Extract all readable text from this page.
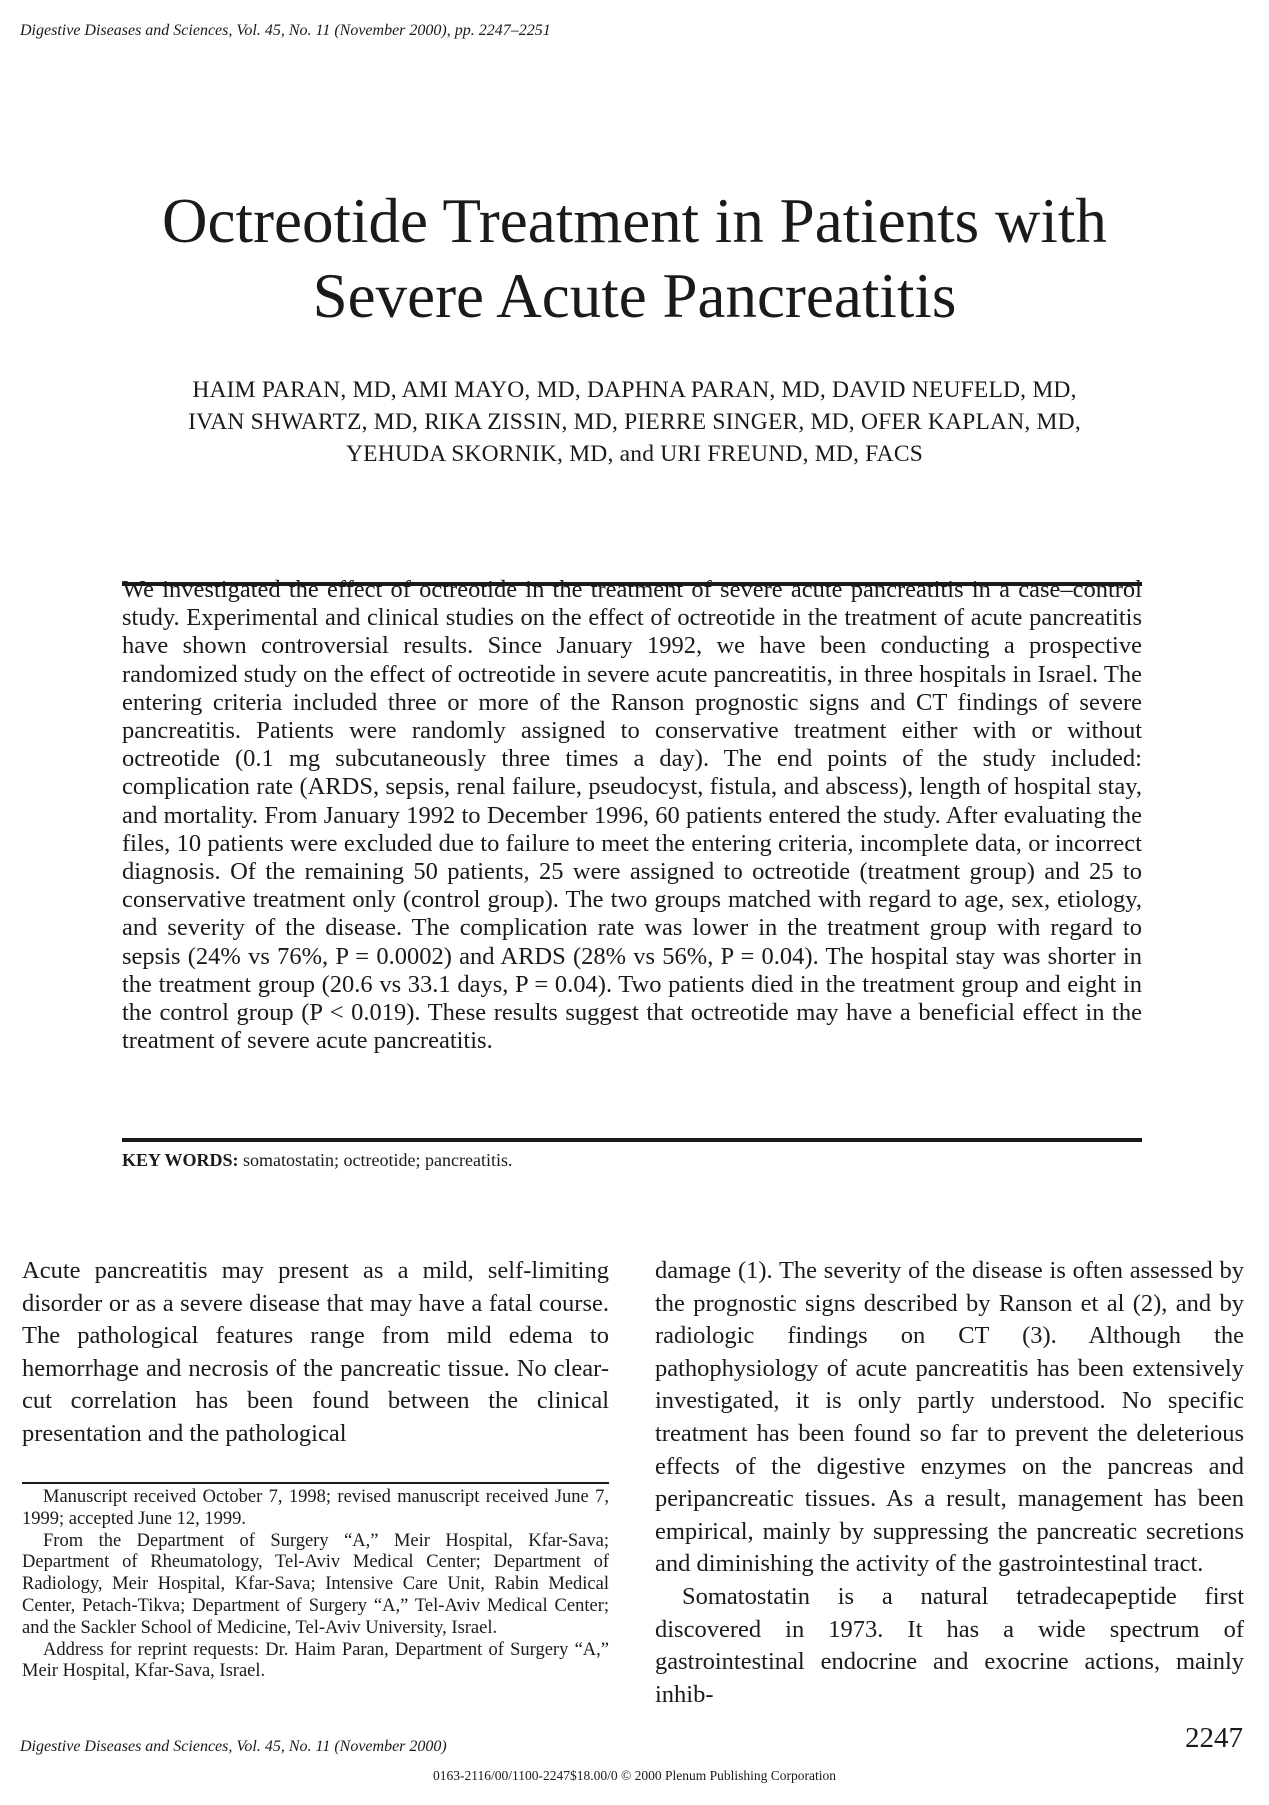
Digestive Diseases and Sciences, Vol. 45, No. 11 (November 2000), pp. 2247–2251
Octreotide Treatment in Patients with
Severe Acute Pancreatitis
HAIM PARAN, MD, AMI MAYO, MD, DAPHNA PARAN, MD, DAVID NEUFELD, MD,
IVAN SHWARTZ, MD, RIKA ZISSIN, MD, PIERRE SINGER, MD, OFER KAPLAN, MD,
YEHUDA SKORNIK, MD, and URI FREUND, MD, FACS

We investigated the effect of octreotide in the treatment of severe acute pancreatitis in a case–control study. Experimental and clinical studies on the effect of octreotide in the treatment of acute pancreatitis have shown controversial results. Since January 1992, we have been conducting a prospective randomized study on the effect of octreotide in severe acute pancreatitis, in three hospitals in Israel. The entering criteria included three or more of the Ranson prognostic signs and CT findings of severe pancreatitis. Patients were randomly assigned to conservative treatment either with or without octreotide (0.1 mg subcutaneously three times a day). The end points of the study included: complication rate (ARDS, sepsis, renal failure, pseudocyst, fistula, and abscess), length of hospital stay, and mortality. From January 1992 to December 1996, 60 patients entered the study. After evaluating the files, 10 patients were excluded due to failure to meet the entering criteria, incomplete data, or incorrect diagnosis. Of the remaining 50 patients, 25 were assigned to octreotide (treatment group) and 25 to conservative treatment only (control group). The two groups matched with regard to age, sex, etiology, and severity of the disease. The complication rate was lower in the treatment group with regard to sepsis (24% vs 76%, P = 0.0002) and ARDS (28% vs 56%, P = 0.04). The hospital stay was shorter in the treatment group (20.6 vs 33.1 days, P = 0.04). Two patients died in the treatment group and eight in the control group (P < 0.019). These results suggest that octreotide may have a beneficial effect in the treatment of severe acute pancreatitis.

KEY WORDS: somatostatin; octreotide; pancreatitis.

Acute pancreatitis may present as a mild, self-limiting disorder or as a severe disease that may have a fatal course. The pathological features range from mild edema to hemorrhage and necrosis of the pancreatic tissue. No clear-cut correlation has been found between the clinical presentation and the pathological

damage (1). The severity of the disease is often assessed by the prognostic signs described by Ranson et al (2), and by radiologic findings on CT (3). Although the pathophysiology of acute pancreatitis has been extensively investigated, it is only partly understood. No specific treatment has been found so far to prevent the deleterious effects of the digestive enzymes on the pancreas and peripancreatic tissues. As a result, management has been empirical, mainly by suppressing the pancreatic secretions and diminishing the activity of the gastrointestinal tract.

Somatostatin is a natural tetradecapeptide first discovered in 1973. It has a wide spectrum of gastrointestinal endocrine and exocrine actions, mainly inhib-

Manuscript received October 7, 1998; revised manuscript received June 7, 1999; accepted June 12, 1999.

From the Department of Surgery “A,” Meir Hospital, Kfar-Sava; Department of Rheumatology, Tel-Aviv Medical Center; Department of Radiology, Meir Hospital, Kfar-Sava; Intensive Care Unit, Rabin Medical Center, Petach-Tikva; Department of Surgery “A,” Tel-Aviv Medical Center; and the Sackler School of Medicine, Tel-Aviv University, Israel.

Address for reprint requests: Dr. Haim Paran, Department of Surgery “A,” Meir Hospital, Kfar-Sava, Israel.

Digestive Diseases and Sciences, Vol. 45, No. 11 (November 2000)	2247
0163-2116/00/1100-2247$18.00/0 © 2000 Plenum Publishing Corporation
